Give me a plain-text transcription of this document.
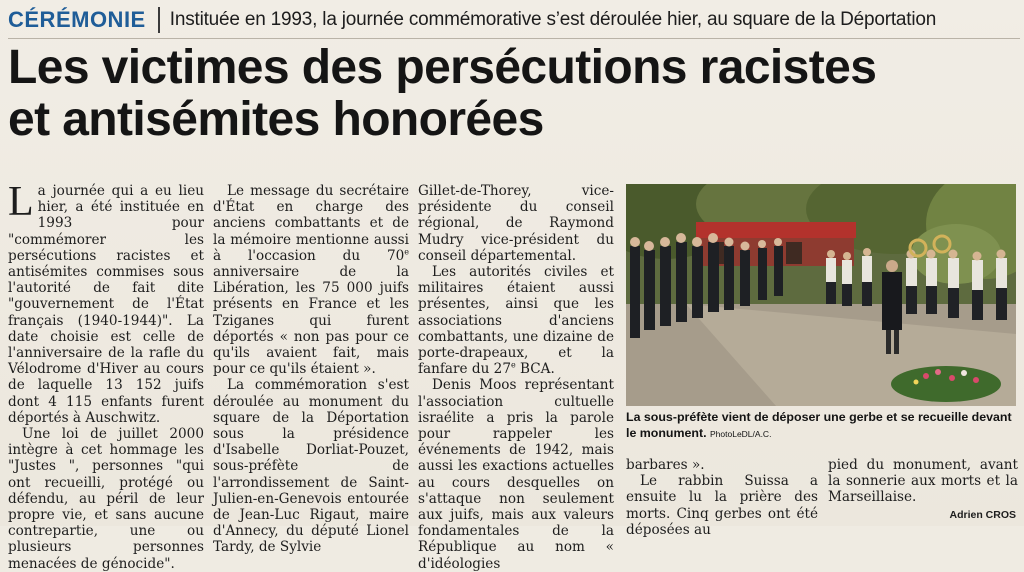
CÉRÉMONIE Instituée en 1993, la journée commémorative s’est déroulée hier, au square de la Déportation
Les victimes des persécutions racistes
et antisémites honorées

La journée qui a eu lieu hier, a été instituée en 1993 pour "commémorer les persécutions racistes et antisémites commises sous l'autorité de fait dite "gouvernement de l'État français (1940-1944)". La date choisie est celle de l'anniversaire de la rafle du Vélodrome d'Hiver au cours de laquelle 13 152 juifs dont 4 115 enfants furent déportés à Auschwitz.

Une loi de juillet 2000 intègre à cet hommage les "Justes ", personnes "qui ont recueilli, protégé ou défendu, au péril de leur propre vie, et sans aucune contrepartie, une ou plusieurs personnes menacées de génocide".

Le message du secrétaire d'État en charge des anciens combattants et de la mémoire mentionne aussi à l'occasion du 70e anniversaire de la Libération, les 75 000 juifs présents en France et les Tziganes qui furent déportés « non pas pour ce qu'ils avaient fait, mais pour ce qu'ils étaient ».

La commémoration s'est déroulée au monument du square de la Déportation sous la présidence d'Isabelle Dorliat-Pouzet, sous-préfète de l'arrondissement de Saint-Julien-en-Genevois entourée de Jean-Luc Rigaut, maire d'Annecy, du député Lionel Tardy, de Sylvie

Gillet-de-Thorey, vice-présidente du conseil régional, de Raymond Mudry vice-président du conseil départemental.

Les autorités civiles et militaires étaient aussi présentes, ainsi que les associations d'anciens combattants, une dizaine de porte-drapeaux, et la fanfare du 27e BCA.

Denis Moos représentant l'association cultuelle israélite a pris la parole pour rappeler les événements de 1942, mais aussi les exactions actuelles au cours desquelles on s'attaque non seulement aux juifs, mais aux valeurs fondamentales de la République au nom « d'idéologies

La sous-préfète vient de déposer une gerbe et se recueille devant le monument. PhotoLeDL/A.C.

barbares ».

Le rabbin Suissa a ensuite lu la prière des morts. Cinq gerbes ont été déposées au

pied du monument, avant la sonnerie aux morts et la Marseillaise.

Adrien CROS
